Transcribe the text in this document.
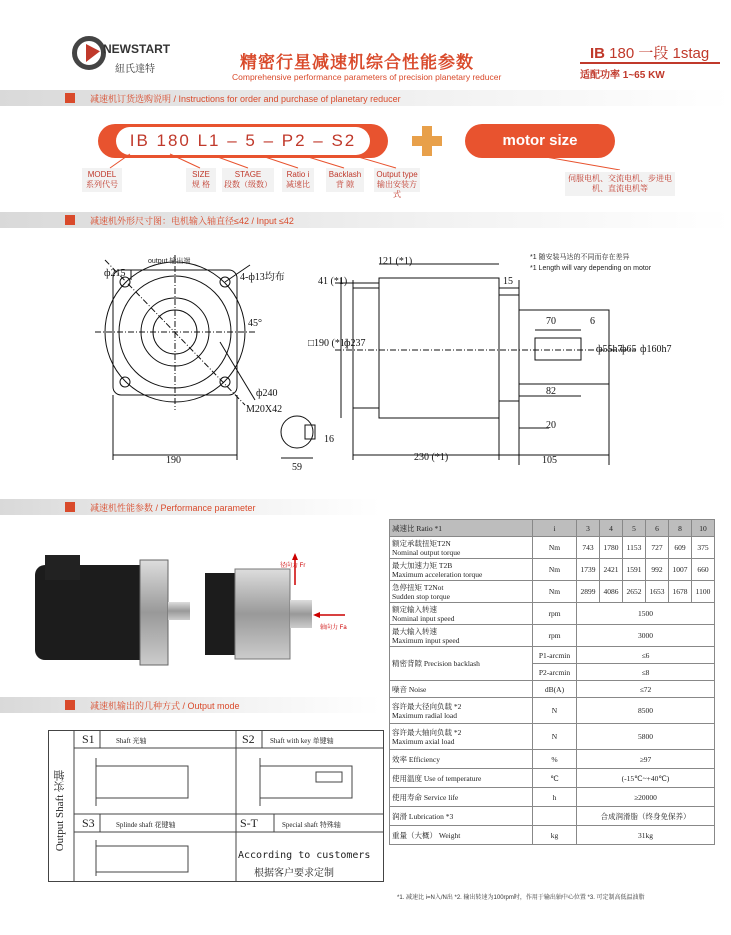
NEWSTART
紐氏達特	精密行星减速机综合性能参数
Comprehensive performance parameters of precision planetary reducer
IB 180 一段 1stag
适配功率 1~65 KW
减速机订货选购说明 / Instructions for order and purchase of planetary reducer
IB 180 L1 – 5 – P2 – S2	motor size
MODEL
系列代号
SIZE
规 格
STAGE
段数（级数）
Ratio i
减速比
Backlash
背 隙
Output type
输出安装方式
伺服电机、交流电机、步进电机、直流电机等
减速机外形尺寸图：电机输入轴直径≤42 / Input ≤42
output 输出端
ф215	4-ф13均布
45°
ф240
M20X42
190
16
59
41 (*1)
121 (*1)
15
□190 (*1)
ф237
70	6
ф55h7
ф65 ф160h7
82
20
230 (*1)	105
*1 随安装马达的不同而存在差异
*1 Length will vary depending on motor
减速机性能参数 / Performance parameter
径向力 Fr
轴向力 Fa
减速比 Ratio *1	i	3	4	5	6	8	10

额定承载扭矩T2N
Nominal output torque	Nm	743	1780	1153	727	609	375

最大加速力矩 T2B
Maximum acceleration torque	Nm	1739	2421	1591	992	1007	660

急停扭矩 T2Not
Sudden stop torque	Nm	2899	4086	2652	1653	1678	1100

额定输入转速
Nominal input speed	rpm	1500					

最大输入转速
Maximum input speed	rpm	3000					
精密背隙 Precision backlash	P1-arcmin	≤6					
	P2-arcmin	≤8					
噪音 Noise	dB(A)	≤72					

容许最大径向负载 *2
Maximum radial load	N	8500					

容许最大轴向负载 *2
Maximum axial load	N	5800					
效率 Efficiency	%	≥97					
使用温度 Use of temperature	℃	(-15℃~+40℃)					
使用寿命 Service life	h	≥20000					
润滑 Lubrication *3		合成润滑脂（终身免保养）					
重量（大概） Weight	kg	31kg					
*1. 减速比 i=N入/N出 *2. 输出转速为100rpm时，作用于输出轴中心位置 *3. 可定制高低温油脂
减速机输出的几种方式 / Output mode
Output Shaft 实轴
S1	Shaft 光轴	S2 Shaft with key 单键轴
S3	Splinde shaft 花键轴	S-T	Special shaft 特殊轴
According to customers
根据客户要求定制
